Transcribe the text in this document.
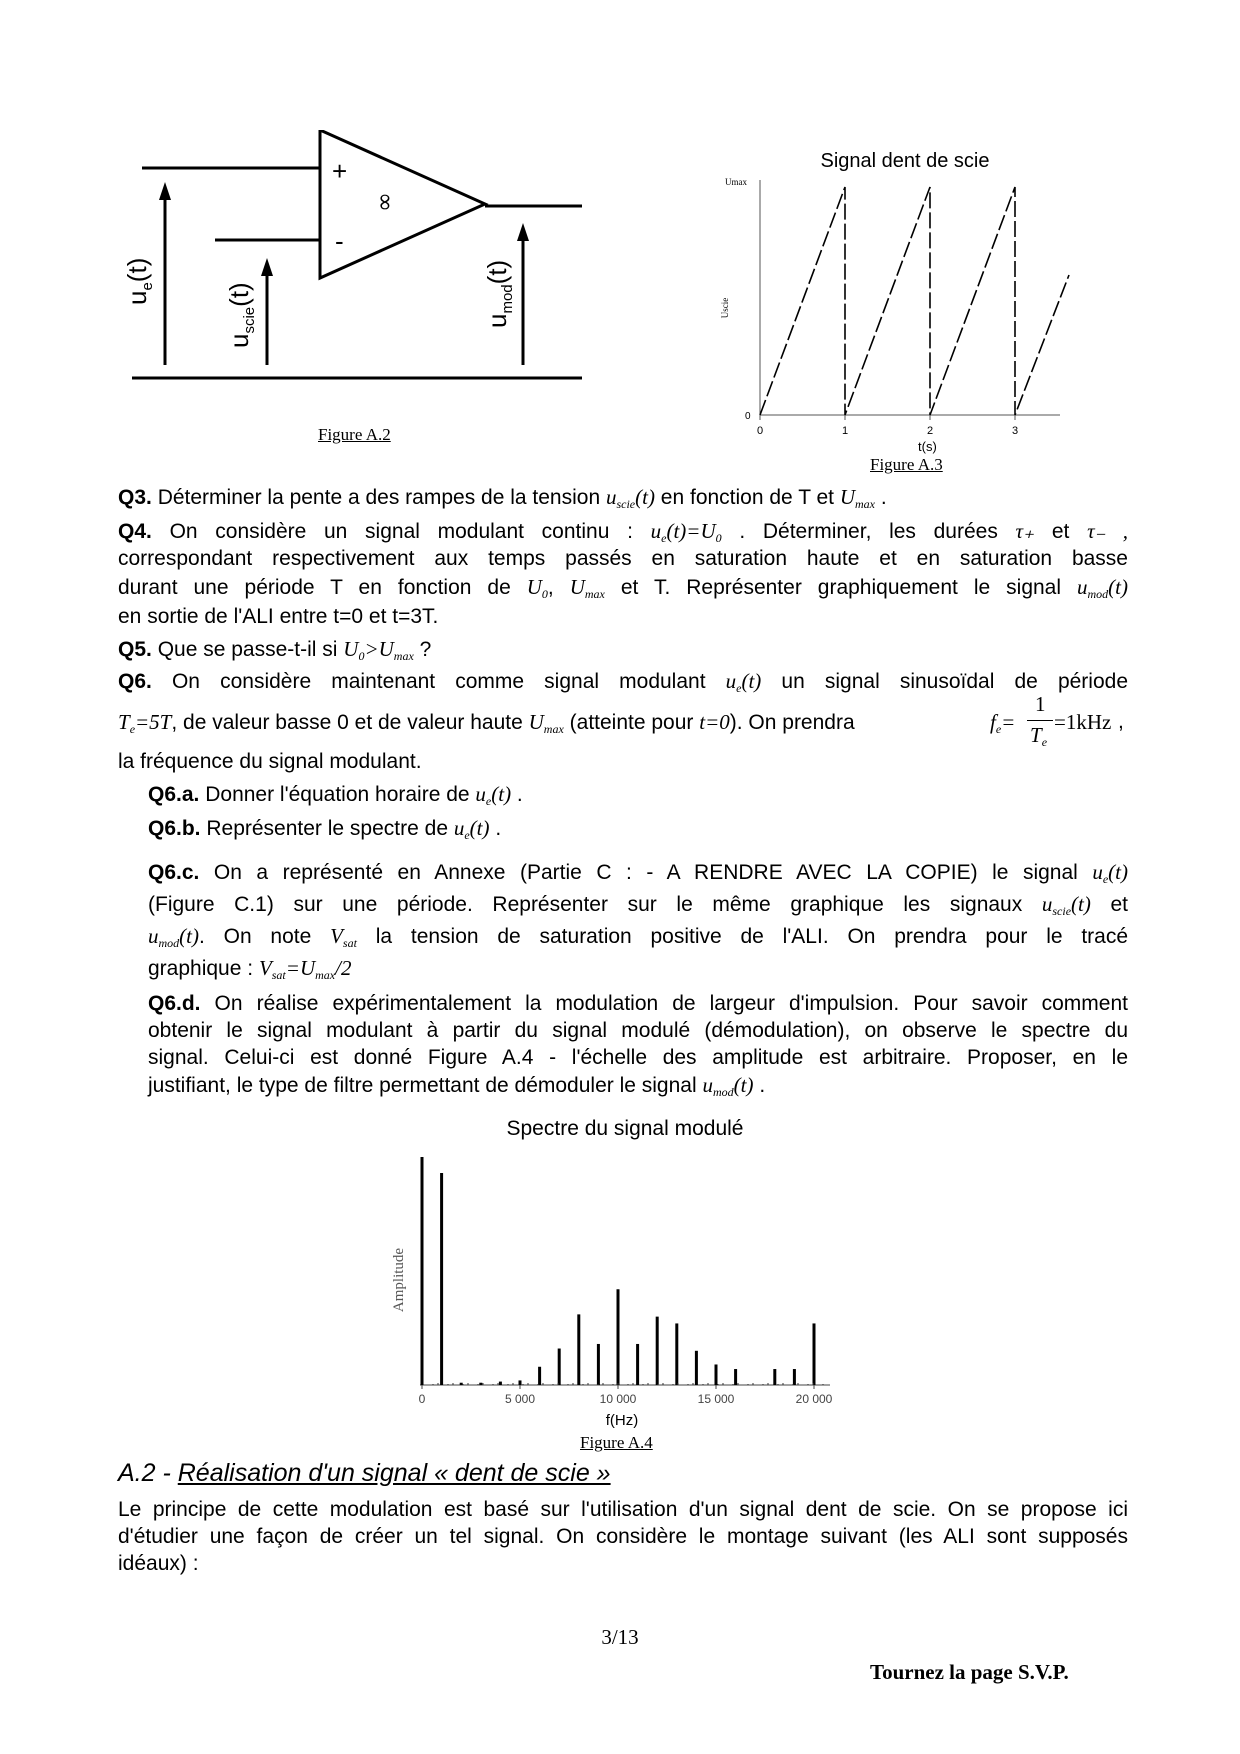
+
-
∞
$u_e(t)$
$u_{scie}(t)$
$u_{mod}(t)$
Figure A.2
Signal dent de scie
Umax
Uscie
0
0	1	2	3
t(s)
Figure A.3
Q3. Déterminer la pente a des rampes de la tension uscie(t) en fonction de T et Umax .
Q4. On considère un signal modulant continu : ue(t)=U0 . Déterminer, les durées τ₊ et τ₋ ,
correspondant respectivement aux temps passés en saturation haute et en saturation basse
durant une période T en fonction de U0, Umax et T. Représenter graphiquement le signal umod(t)
en sortie de l'ALI entre t=0 et t=3T.
Q5. Que se passe-t-il si U0>Umax ?
Q6. On considère maintenant comme signal modulant ue(t) un signal sinusoïdal de période
Te=5T, de valeur basse 0 et de valeur haute Umax (atteinte pour t=0). On prendra	fe=
1
Te
=1kHz ,
la fréquence du signal modulant.
Q6.a. Donner l'équation horaire de ue(t) .
Q6.b. Représenter le spectre de ue(t) .
Q6.c. On a représenté en Annexe (Partie C : - A RENDRE AVEC LA COPIE) le signal ue(t)
(Figure C.1) sur une période. Représenter sur le même graphique les signaux uscie(t) et
umod(t). On note Vsat la tension de saturation positive de l'ALI. On prendra pour le tracé
graphique : Vsat=Umax/2
Q6.d. On réalise expérimentalement la modulation de largeur d'impulsion. Pour savoir comment
obtenir le signal modulant à partir du signal modulé (démodulation), on observe le spectre du
signal. Celui-ci est donné Figure A.4 - l'échelle des amplitude est arbitraire. Proposer, en le
justifiant, le type de filtre permettant de démoduler le signal umod(t) .
Spectre du signal modulé
Amplitude
0	5 000	10 000	15 000	20 000
f(Hz)
Figure A.4
A.2 - Réalisation d'un signal « dent de scie »
Le principe de cette modulation est basé sur l'utilisation d'un signal dent de scie. On se propose ici
d'étudier une façon de créer un tel signal. On considère le montage suivant (les ALI sont supposés
idéaux) :
3/13
Tournez la page S.V.P.
